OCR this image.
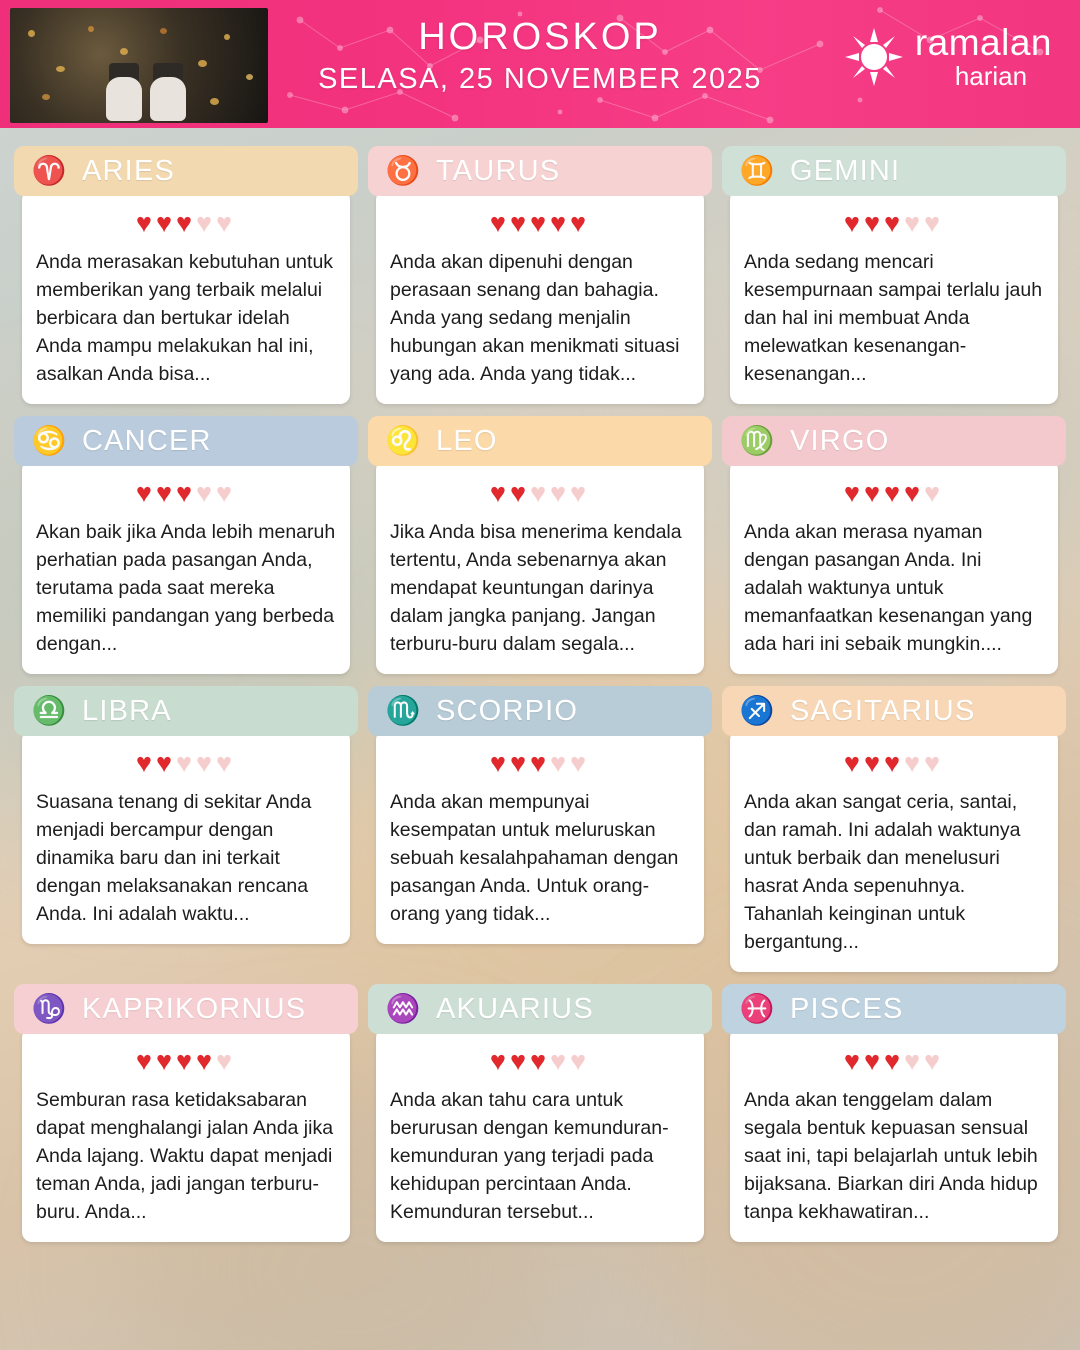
HOROSKOP
SELASA, 25 NOVEMBER 2025
ramalan
harian
♈ ARIES
♥♥♥♥♥
Anda merasakan kebutuhan untuk memberikan yang terbaik melalui berbicara dan bertukar idelah Anda mampu melakukan hal ini, asalkan Anda bisa...
♉ TAURUS
♥♥♥♥♥
Anda akan dipenuhi dengan perasaan senang dan bahagia. Anda yang sedang menjalin hubungan akan menikmati situasi yang ada. Anda yang tidak...
♊ GEMINI
♥♥♥♥♥
Anda sedang mencari kesempurnaan sampai terlalu jauh dan hal ini membuat Anda melewatkan kesenangan-kesenangan...
♋ CANCER
♥♥♥♥♥
Akan baik jika Anda lebih menaruh perhatian pada pasangan Anda, terutama pada saat mereka memiliki pandangan yang berbeda dengan...
♌ LEO
♥♥♥♥♥
Jika Anda bisa menerima kendala tertentu, Anda sebenarnya akan mendapat keuntungan darinya dalam jangka panjang. Jangan terburu-buru dalam segala...
♍ VIRGO
♥♥♥♥♥
Anda akan merasa nyaman dengan pasangan Anda. Ini adalah waktunya untuk memanfaatkan kesenangan yang ada hari ini sebaik mungkin....
♎ LIBRA
♥♥♥♥♥
Suasana tenang di sekitar Anda menjadi bercampur dengan dinamika baru dan ini terkait dengan melaksanakan rencana Anda. Ini adalah waktu...
♏ SCORPIO
♥♥♥♥♥
Anda akan mempunyai kesempatan untuk meluruskan sebuah kesalahpahaman dengan pasangan Anda. Untuk orang-orang yang tidak...
♐ SAGITARIUS
♥♥♥♥♥
Anda akan sangat ceria, santai, dan ramah. Ini adalah waktunya untuk berbaik dan menelusuri hasrat Anda sepenuhnya. Tahanlah keinginan untuk bergantung...
♑ KAPRIKORNUS
♥♥♥♥♥
Semburan rasa ketidaksabaran dapat menghalangi jalan Anda jika Anda lajang. Waktu dapat menjadi teman Anda, jadi jangan terburu-buru. Anda...
♒ AKUARIUS
♥♥♥♥♥
Anda akan tahu cara untuk berurusan dengan kemunduran-kemunduran yang terjadi pada kehidupan percintaan Anda. Kemunduran tersebut...
♓ PISCES
♥♥♥♥♥
Anda akan tenggelam dalam segala bentuk kepuasan sensual saat ini, tapi belajarlah untuk lebih bijaksana. Biarkan diri Anda hidup tanpa kekhawatiran...
